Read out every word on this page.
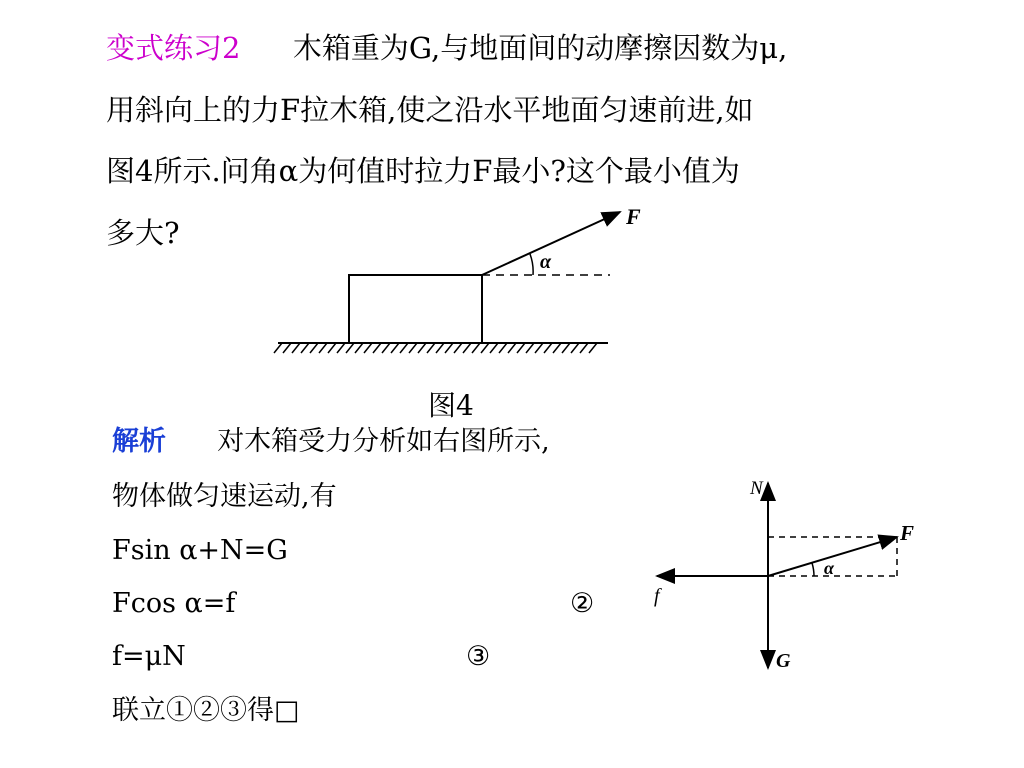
变式练习2 木箱重为G,与地面间的动摩擦因数为μ,
用斜向上的力F拉木箱,使之沿水平地面匀速前进,如
图4所示.问角α为何值时拉力F最小?这个最小值为
多大?	F
α
图4
N
F
f
α
G
解析 对木箱受力分析如右图所示,
物体做匀速运动,有
Fsin α+N=G
Fcos α=f	②
f=μN	③
联立①②③得□
